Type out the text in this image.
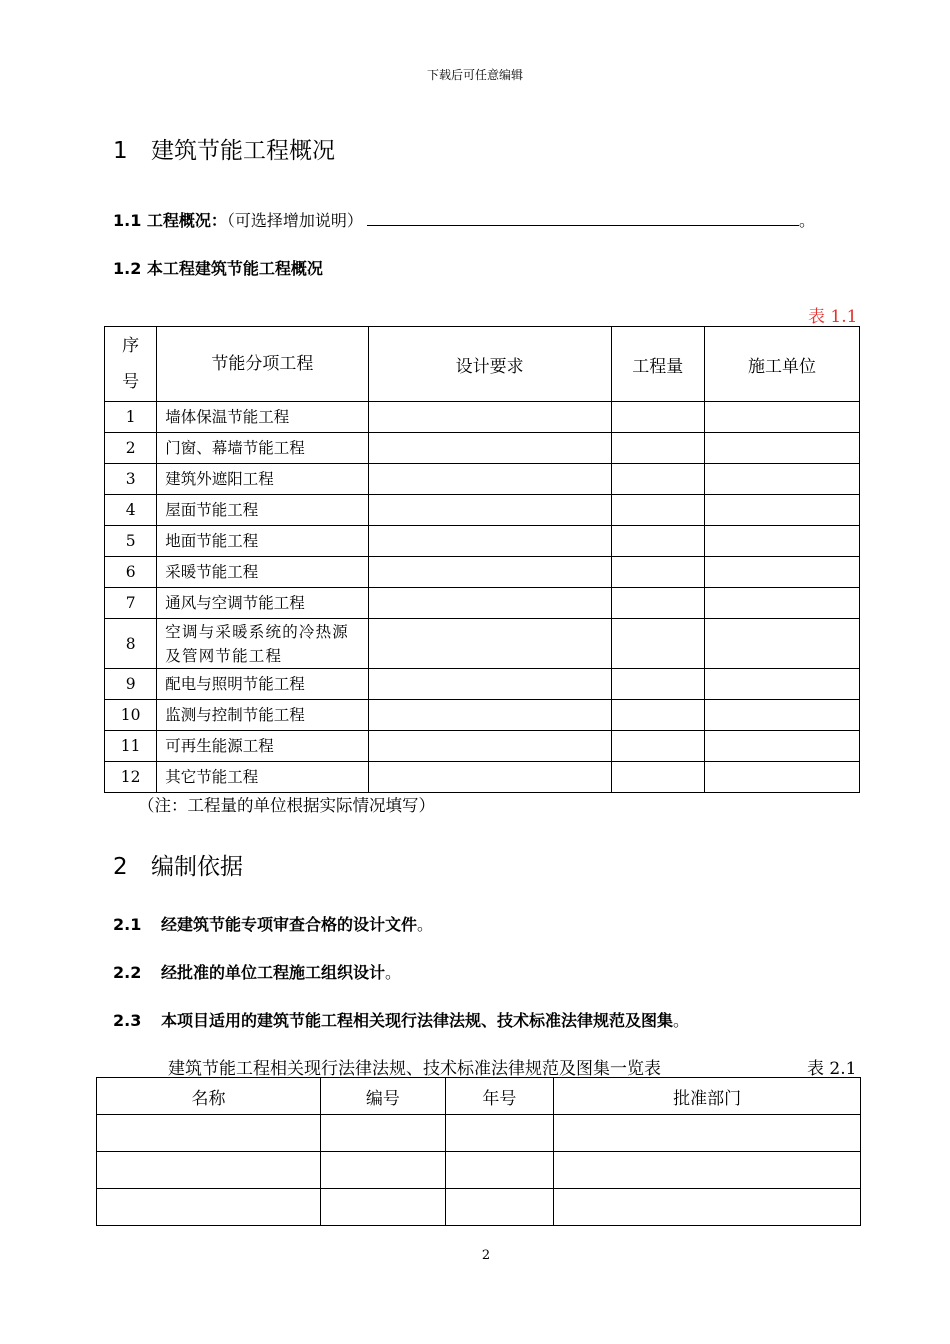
下载后可任意编辑
1 建筑节能工程概况
1.1 工程概况：（可选择增加说明）	。
1.2 本工程建筑节能工程概况
表 1.1
序
号	节能分项工程	设计要求	工程量	施工单位
1	墙体保温节能工程			
2	门窗、幕墙节能工程			
3	建筑外遮阳工程			
4	屋面节能工程			
5	地面节能工程			
6	采暖节能工程			
7	通风与空调节能工程			
8	空调与采暖系统的冷热源及管网节能工程			
9	配电与照明节能工程			
10	监测与控制节能工程			
11	可再生能源工程			
12	其它节能工程			
（注：工程量的单位根据实际情况填写）
2 编制依据
2.1 经建筑节能专项审查合格的设计文件。
2.2 经批准的单位工程施工组织设计。
2.3 本项目适用的建筑节能工程相关现行法律法规、技术标准法律规范及图集。
建筑节能工程相关现行法律法规、技术标准法律规范及图集一览表	表 2.1
名称	编号	年号	批准部门

2
